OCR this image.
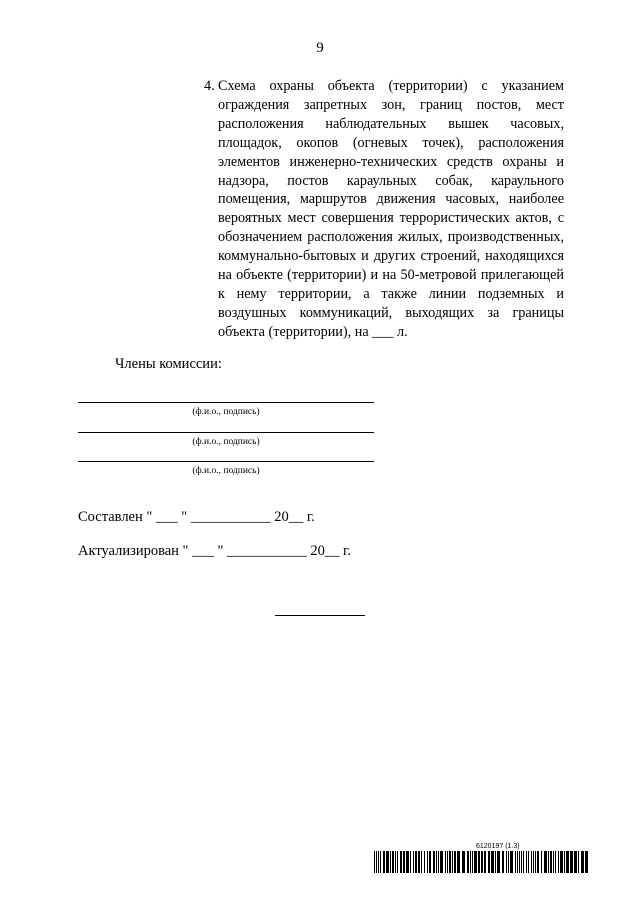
9
4. Схема охраны объекта (территории) с указанием ограждения запретных зон, границ постов, мест расположения наблюдательных вышек часовых, площадок, окопов (огневых точек), расположения элементов инженерно-технических средств охраны и надзора, постов караульных собак, караульного помещения, маршрутов движения часовых, наиболее вероятных мест совершения террористических актов, с обозначением расположения жилых, производственных, коммунально-бытовых и других строений, находящихся на объекте (территории) и на 50-метровой прилегающей к нему территории, а также линии подземных и воздушных коммуникаций, выходящих за границы объекта (территории), на ___ л.
Члены комиссии:
(ф.и.о., подпись)
(ф.и.о., подпись)
(ф.и.о., подпись)
Составлен " ___ " ___________ 20__ г.
Актуализирован " ___ " ___________ 20__ г.
6120197 (1.3)
